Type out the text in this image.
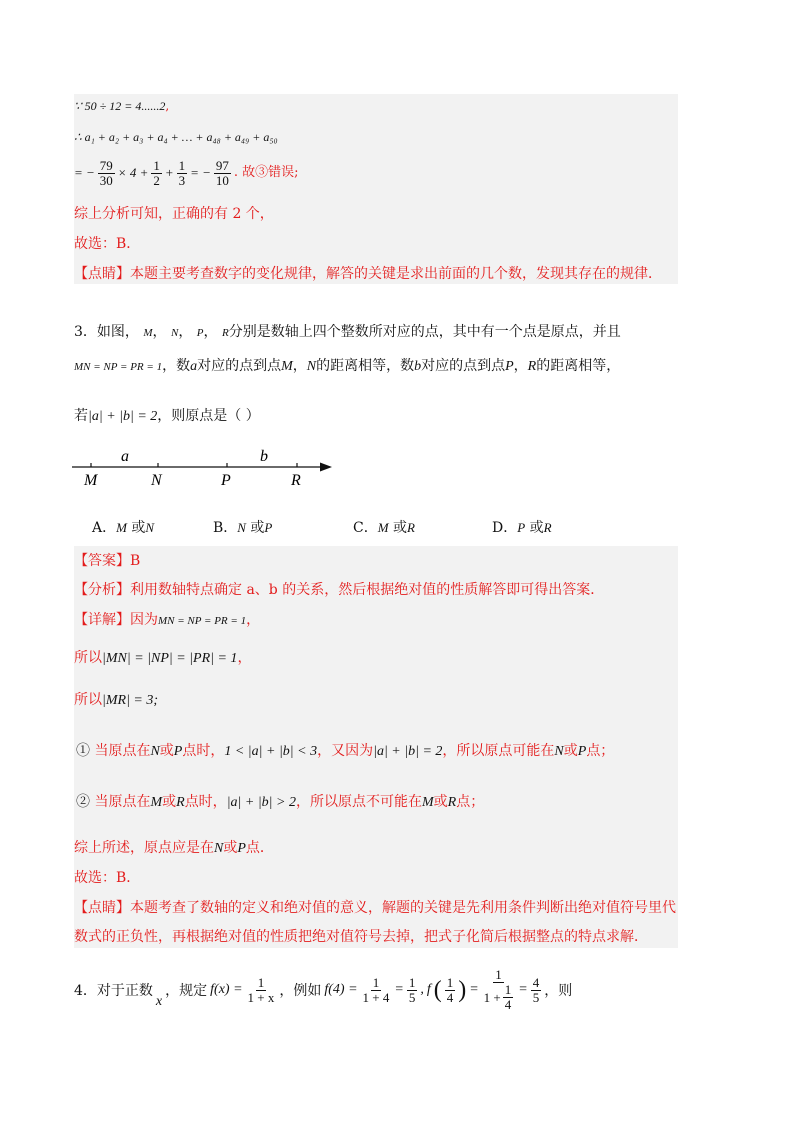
∵ 50 ÷ 12 = 4......2,
∴ a₁ + a₂ + a₃ + a₄ + … + a₄₈ + a₄₉ + a₅₀
= − $\frac{79}{30} \times 4 + \frac{1}{2} + \frac{1}{3}$ = − $\frac{97}{10}$ . 故③错误;
综上分析可知，正确的有 2 个，
故选：B．
【点睛】本题主要考查数字的变化规律，解答的关键是求出前面的几个数，发现其存在的规律．
3．如图， M， N， P， R分别是数轴上四个整数所对应的点，其中有一个点是原点，并且
MN = NP = PR = 1，数a对应的点到点M，N的距离相等，数b对应的点到点P，R的距离相等，
若|a| + |b| = 2，则原点是（ ）
M	N	P	R
a	b
A．M 或N	B．N 或P	C．M 或R	D．P 或R
【答案】B
【分析】利用数轴特点确定 a、b 的关系，然后根据绝对值的性质解答即可得出答案．
【详解】因为MN = NP = PR = 1，
所以|MN| = |NP| = |PR| = 1，
所以|MR| = 3;
① 当原点在N或P点时，1 < |a| + |b| < 3，又因为|a| + |b| = 2，所以原点可能在N或P点；
② 当原点在M或R点时，|a| + |b| > 2，所以原点不可能在M或R点；
综上所述，原点应是在N或P点．
故选：B．
【点睛】本题考查了数轴的定义和绝对值的意义，解题的关键是先利用条件判断出绝对值符号里代
数式的正负性，再根据绝对值的性质把绝对值符号去掉，把式子化简后根据整点的特点求解．
4．对于正数
x
，规定 $f(x) = \frac{1}{1 + x}$ ，例如 $f(4) = \frac{1}{1 + 4} = \frac{1}{5}$ , f ( $\frac{1}{4}$ ) = $\frac{1}{1 + \frac{1}{4}} = \frac{4}{5}$ ，则
